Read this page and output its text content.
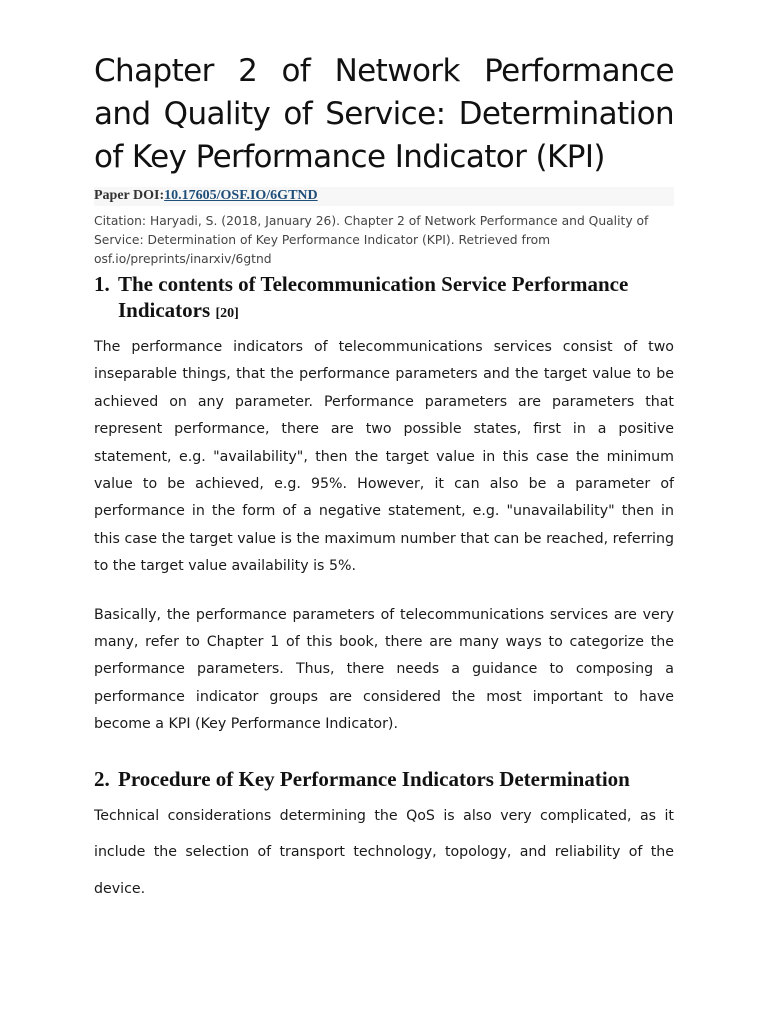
Chapter 2 of Network Performance and Quality of Service: Determination of Key Performance Indicator (KPI)
Paper DOI:10.17605/OSF.IO/6GTND
Citation: Haryadi, S. (2018, January 26). Chapter 2 of Network Performance and Quality of Service: Determination of Key Performance Indicator (KPI). Retrieved from osf.io/preprints/inarxiv/6gtnd
1. The contents of Telecommunication Service Performance Indicators [20]

The performance indicators of telecommunications services consist of two inseparable things, that the performance parameters and the target value to be achieved on any parameter. Performance parameters are parameters that represent performance, there are two possible states, first in a positive statement, e.g. "availability", then the target value in this case the minimum value to be achieved, e.g. 95%. However, it can also be a parameter of performance in the form of a negative statement, e.g. "unavailability" then in this case the target value is the maximum number that can be reached, referring to the target value availability is 5%.

Basically, the performance parameters of telecommunications services are very many, refer to Chapter 1 of this book, there are many ways to categorize the performance parameters. Thus, there needs a guidance to composing a performance indicator groups are considered the most important to have become a KPI (Key Performance Indicator).

2. Procedure of Key Performance Indicators Determination

Technical considerations determining the QoS is also very complicated, as it include the selection of transport technology, topology, and reliability of the device.
